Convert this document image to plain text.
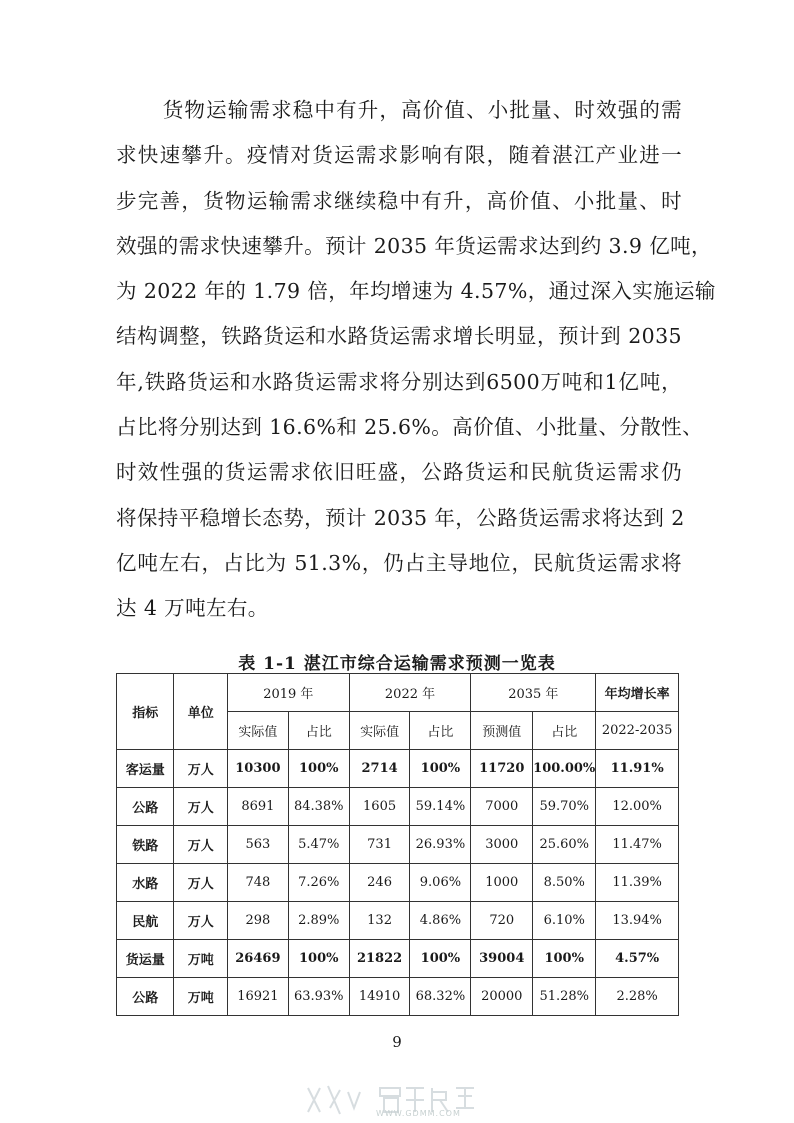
货物运输需求稳中有升，高价值、小批量、时效强的需
求快速攀升。疫情对货运需求影响有限，随着湛江产业进一
步完善，货物运输需求继续稳中有升，高价值、小批量、时
效强的需求快速攀升。预计 2035 年货运需求达到约 3.9 亿吨，
为 2022 年的 1.79 倍，年均增速为 4.57%，通过深入实施运输
结构调整，铁路货运和水路货运需求增长明显，预计到 2035
年,铁路货运和水路货运需求将分别达到6500万吨和1亿吨，
占比将分别达到 16.6%和 25.6%。高价值、小批量、分散性、
时效性强的货运需求依旧旺盛，公路货运和民航货运需求仍
将保持平稳增长态势，预计 2035 年，公路货运需求将达到 2
亿吨左右，占比为 51.3%，仍占主导地位，民航货运需求将
达 4 万吨左右。
表 1-1 湛江市综合运输需求预测一览表
指标	单位	2019 年		2022 年		2035 年		年均增长率
		实际值	占比	实际值	占比	预测值	占比	2022-2035
客运量	万人	10300	100%	2714	100%	11720	100.00%	11.91%
公路	万人	8691	84.38%	1605	59.14%	7000	59.70%	12.00%
铁路	万人	563	5.47%	731	26.93%	3000	25.60%	11.47%
水路	万人	748	7.26%	246	9.06%	1000	8.50%	11.39%
民航	万人	298	2.89%	132	4.86%	720	6.10%	13.94%
货运量	万吨	26469	100%	21822	100%	39004	100%	4.57%
公路	万吨	16921	63.93%	14910	68.32%	20000	51.28%	2.28%
9
WWW.GDMM.COM
